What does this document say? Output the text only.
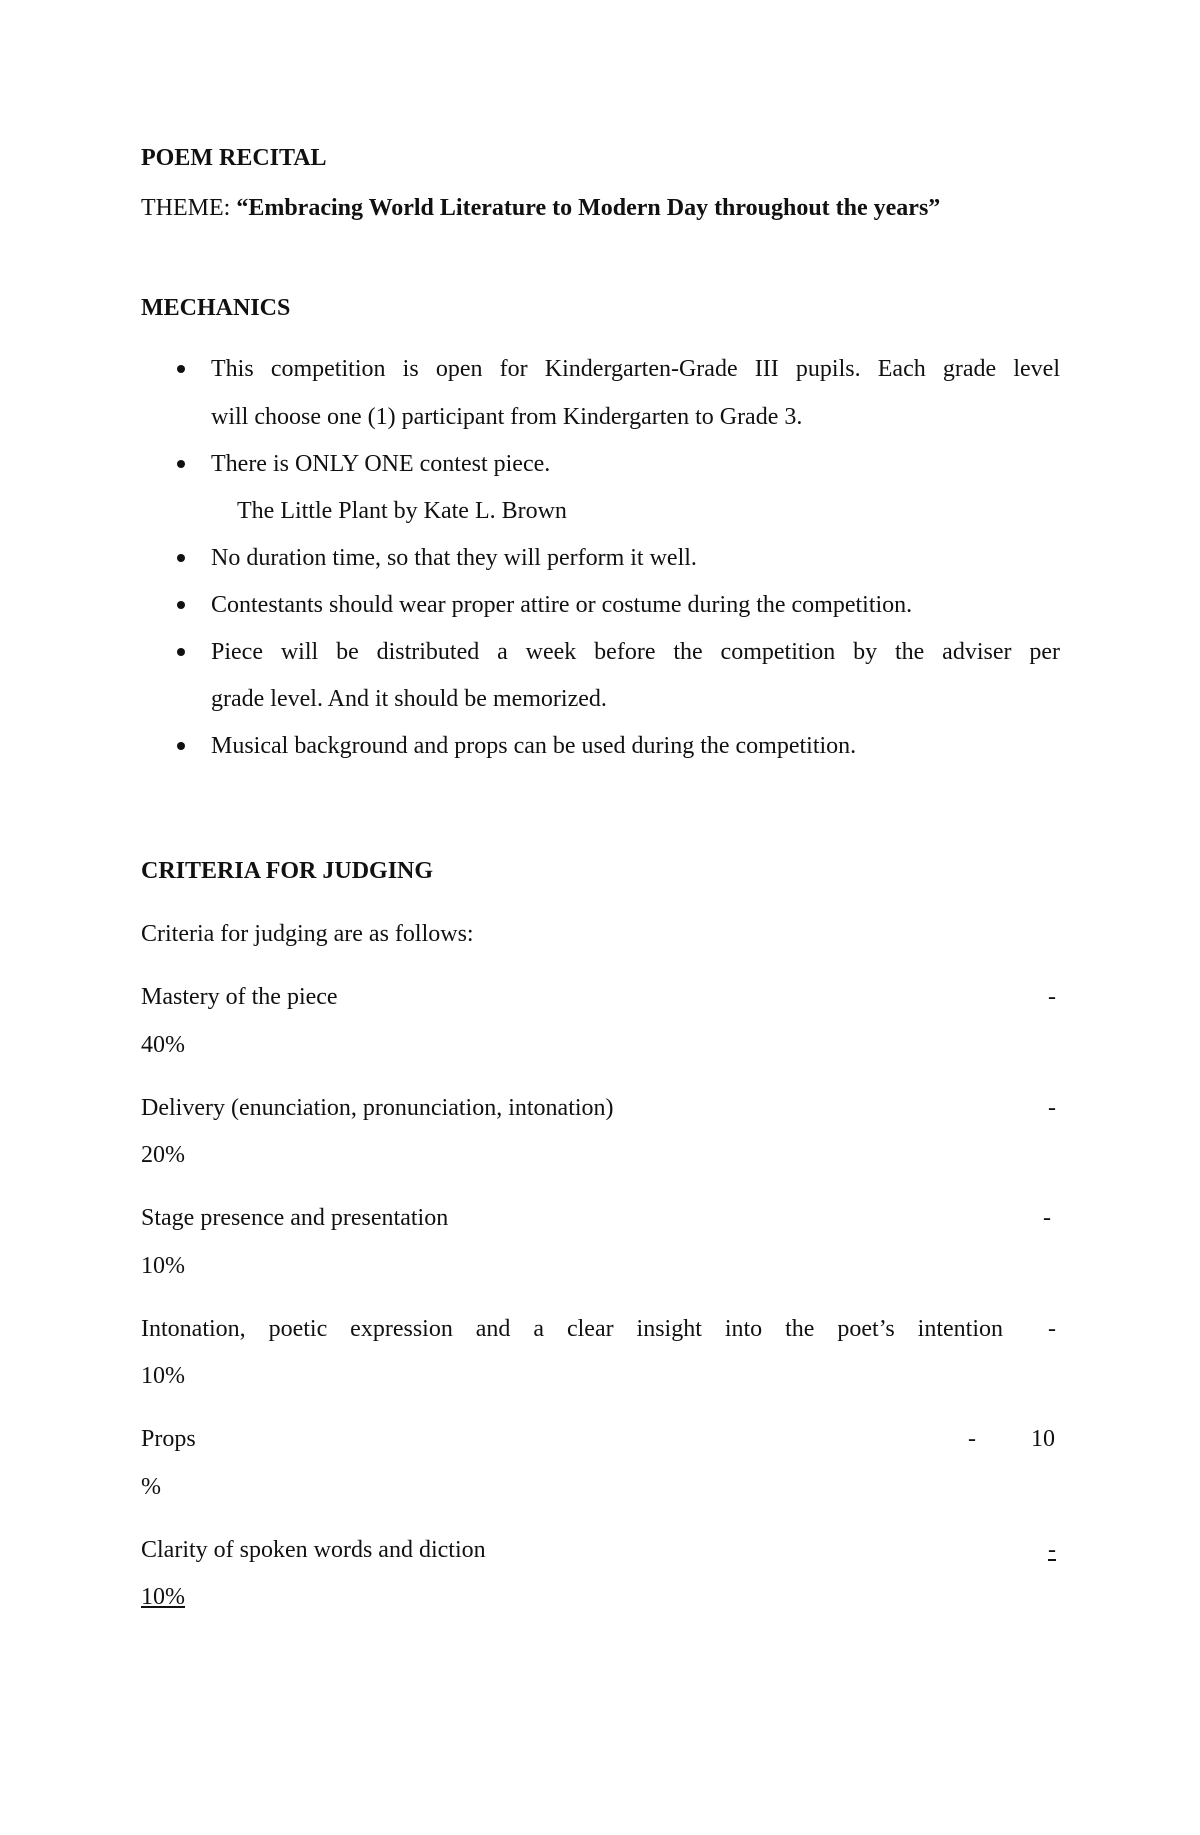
POEM RECITAL
THEME: “Embracing World Literature to Modern Day throughout the years”
MECHANICS
This competition is open for Kindergarten-Grade III pupils. Each grade level
will choose one (1) participant from Kindergarten to Grade 3.
There is ONLY ONE contest piece.
The Little Plant by Kate L. Brown
No duration time, so that they will perform it well.
Contestants should wear proper attire or costume during the competition.
Piece will be distributed a week before the competition by the adviser per
grade level. And it should be memorized.
Musical background and props can be used during the competition.
CRITERIA FOR JUDGING
Criteria for judging are as follows:
Mastery of the piece	-
40%
Delivery (enunciation, pronunciation, intonation)	-
20%
Stage presence and presentation	-
10%
Intonation, poetic expression and a clear insight into the poet’s intention -
10%
Props	- 10
%
Clarity of spoken words and diction	-
10%
